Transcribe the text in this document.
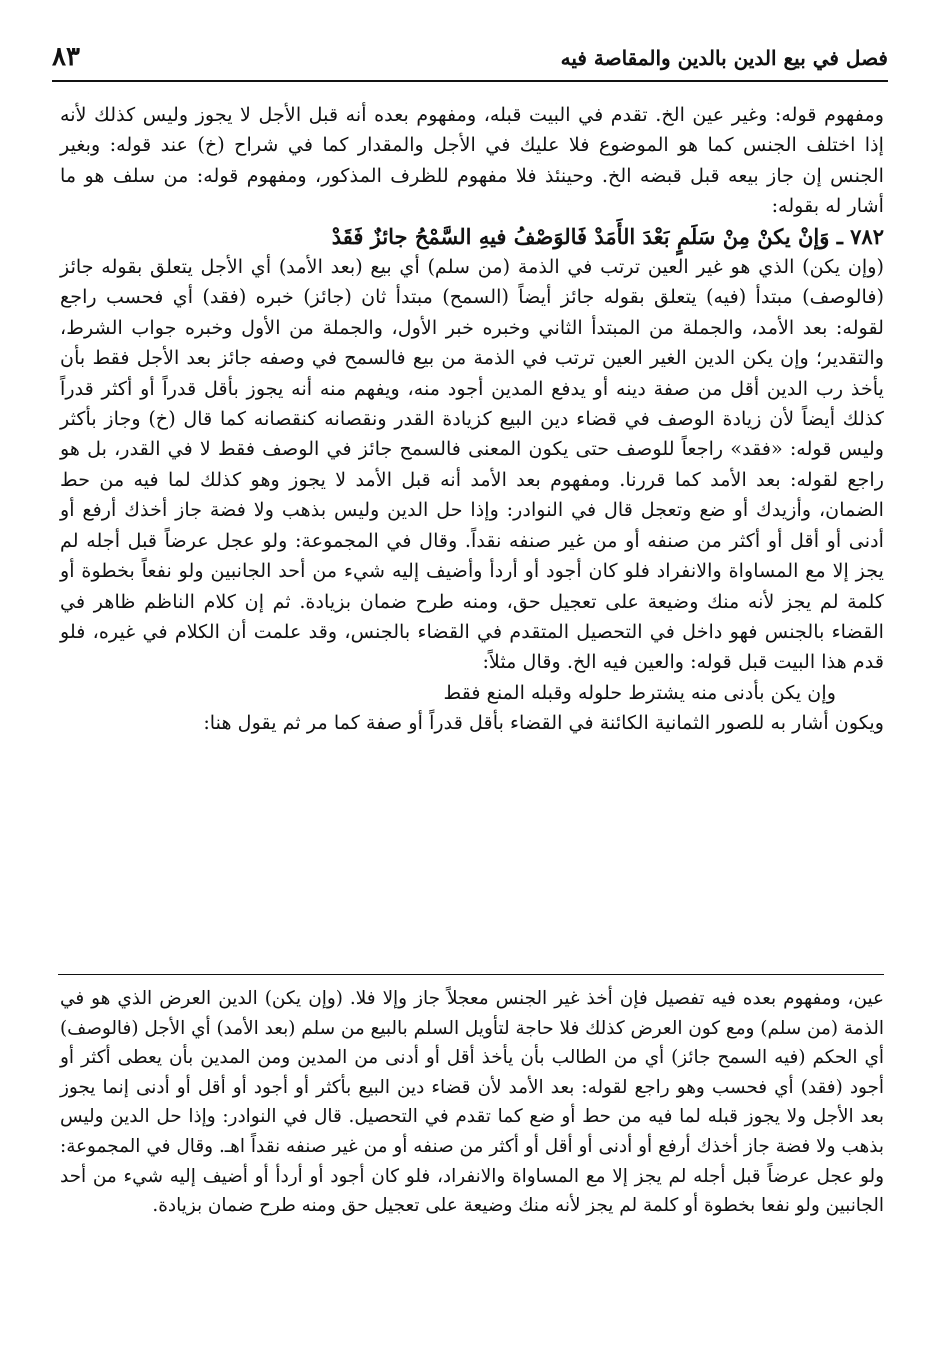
فصل في بيع الدين بالدين والمقاصة فيه
٨٣

ومفهوم قوله: وغير عين الخ. تقدم في البيت قبله، ومفهوم بعده أنه قبل الأجل لا يجوز وليس كذلك لأنه إذا اختلف الجنس كما هو الموضوع فلا عليك في الأجل والمقدار كما في شراح (خ) عند قوله: وبغير الجنس إن جاز بيعه قبل قبضه الخ. وحينئذ فلا مفهوم للظرف المذكور، ومفهوم قوله: من سلف هو ما أشار له بقوله:

٧٨٢ ـ وَإنْ يكنْ مِنْ سَلَمٍ بَعْدَ الأَمَدْ فَالوَصْفُ فيهِ السَّمْحُ جائزٌ فَقَدْ

(وإن يكن) الذي هو غير العين ترتب في الذمة (من سلم) أي بيع (بعد الأمد) أي الأجل يتعلق بقوله جائز (فالوصف) مبتدأ (فيه) يتعلق بقوله جائز أيضاً (السمح) مبتدأ ثان (جائز) خبره (فقد) أي فحسب راجع لقوله: بعد الأمد، والجملة من المبتدأ الثاني وخبره خبر الأول، والجملة من الأول وخبره جواب الشرط، والتقدير؛ وإن يكن الدين الغير العين ترتب في الذمة من بيع فالسمح في وصفه جائز بعد الأجل فقط بأن يأخذ رب الدين أقل من صفة دينه أو يدفع المدين أجود منه، ويفهم منه أنه يجوز بأقل قدراً أو أكثر قدراً كذلك أيضاً لأن زيادة الوصف في قضاء دين البيع كزيادة القدر ونقصانه كنقصانه كما قال (خ) وجاز بأكثر وليس قوله: «فقد» راجعاً للوصف حتى يكون المعنى فالسمح جائز في الوصف فقط لا في القدر، بل هو راجع لقوله: بعد الأمد كما قررنا. ومفهوم بعد الأمد أنه قبل الأمد لا يجوز وهو كذلك لما فيه من حط الضمان، وأزيدك أو ضع وتعجل قال في النوادر: وإذا حل الدين وليس بذهب ولا فضة جاز أخذك أرفع أو أدنى أو أقل أو أكثر من صنفه أو من غير صنفه نقداً. وقال في المجموعة: ولو عجل عرضاً قبل أجله لم يجز إلا مع المساواة والانفراد فلو كان أجود أو أردأ وأضيف إليه شيء من أحد الجانبين ولو نفعاً بخطوة أو كلمة لم يجز لأنه منك وضيعة على تعجيل حق، ومنه طرح ضمان بزيادة. ثم إن كلام الناظم ظاهر في القضاء بالجنس فهو داخل في التحصيل المتقدم في القضاء بالجنس، وقد علمت أن الكلام في غيره، فلو قدم هذا البيت قبل قوله: والعين فيه الخ. وقال مثلاً:

وإن يكن بأدنى منه يشترط حلوله وقبله المنع فقط

ويكون أشار به للصور الثمانية الكائنة في القضاء بأقل قدراً أو صفة كما مر ثم يقول هنا:

عين، ومفهوم بعده فيه تفصيل فإن أخذ غير الجنس معجلاً جاز وإلا فلا. (وإن يكن) الدين العرض الذي هو في الذمة (من سلم) ومع كون العرض كذلك فلا حاجة لتأويل السلم بالبيع من سلم (بعد الأمد) أي الأجل (فالوصف) أي الحكم (فيه السمح جائز) أي من الطالب بأن يأخذ أقل أو أدنى من المدين ومن المدين بأن يعطى أكثر أو أجود (فقد) أي فحسب وهو راجع لقوله: بعد الأمد لأن قضاء دين البيع بأكثر أو أجود أو أقل أو أدنى إنما يجوز بعد الأجل ولا يجوز قبله لما فيه من حط أو ضع كما تقدم في التحصيل. قال في النوادر: وإذا حل الدين وليس بذهب ولا فضة جاز أخذك أرفع أو أدنى أو أقل أو أكثر من صنفه أو من غير صنفه نقداً اهـ. وقال في المجموعة: ولو عجل عرضاً قبل أجله لم يجز إلا مع المساواة والانفراد، فلو كان أجود أو أردأ أو أضيف إليه شيء من أحد الجانبين ولو نفعا بخطوة أو كلمة لم يجز لأنه منك وضيعة على تعجيل حق ومنه طرح ضمان بزيادة.
